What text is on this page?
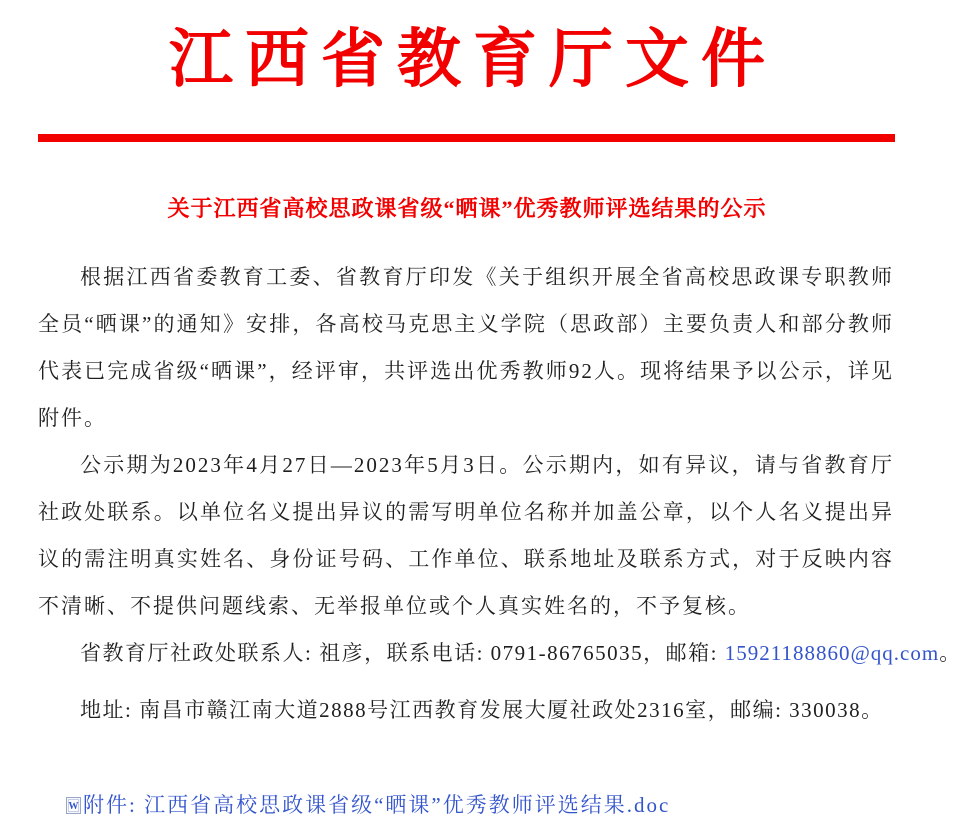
江西省教育厅文件
关于江西省高校思政课省级“晒课”优秀教师评选结果的公示

根据江西省委教育工委、省教育厅印发《关于组织开展全省高校思政课专职教师全员“晒课”的通知》安排，各高校马克思主义学院（思政部）主要负责人和部分教师代表已完成省级“晒课”，经评审，共评选出优秀教师92人。现将结果予以公示，详见附件。

公示期为2023年4月27日—2023年5月3日。公示期内，如有异议，请与省教育厅社政处联系。以单位名义提出异议的需写明单位名称并加盖公章，以个人名义提出异议的需注明真实姓名、身份证号码、工作单位、联系地址及联系方式，对于反映内容不清晰、不提供问题线索、无举报单位或个人真实姓名的，不予复核。

省教育厅社政处联系人: 祖彦，联系电话: 0791-86765035，邮箱: 15921188860@qq.com。

地址: 南昌市赣江南大道2888号江西教育发展大厦社政处2316室，邮编: 330038。

W 附件: 江西省高校思政课省级“晒课”优秀教师评选结果.doc
